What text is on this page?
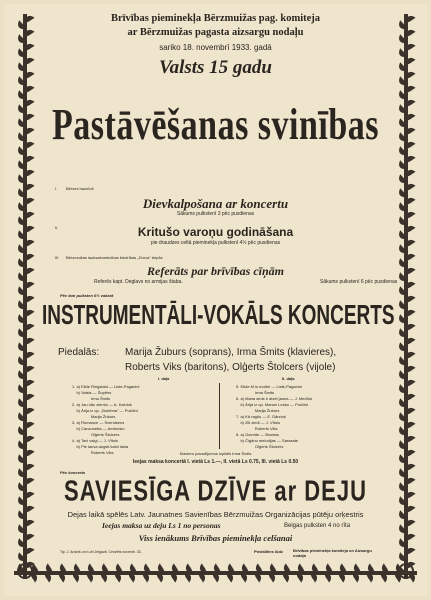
Brīvības pieminekļa Bērzmuižas pag. komiteja
ar Bērzmuižas pagasta aizsargu nodaļu
sariko 18. novembrī 1933. gadā
Valsts 15 gadu
Pastāvēšanas svinības
I. Bērzes baznīcā
Dievkalpošana ar koncertu
Sākums pulkstenī 3 pēc pusdienas
II.	Kritušo varoņu godināšana
pie draudzes celtā pieminekļa pulkstenī 4½ pēc pusdienas
III. Bērzmuižas lauksaimniecības biedrības „Druva" telpās
Referāts par brīvības cīņām
Referēs kapt. Deglavs no armijas štaba.	Sākums pulkstenī 6 pēc pusdienas
Pēc tam pulksten 6½ vakarā
INSTRUMENTĀLI-VOKĀLS KONCERTS
Piedalās:	Marija Žuburs (soprans), Irma Šmits (klavieres),
Roberts Viks (baritons), Olģerts Štolcers (vijole)
I. daļa	II. daļa
1. a) Elide Ringstaid — Liste-Paganini
b) Valsis — Šopēns
Irma Šmits
2. a) Jau nāc ziemiņ — A. Kalniņš
b) Ārija iz op. „Bohēma" — Puččini
Marija Žuburs
3. a) Romance — Svendsens
b) Canzonetta — Ambrosio
Olģerts Štolcers
4. a) Tavi vaigi — J. Vītols
b) Pie lauva augsti kalni laiņa
Roberts Viks
5. Etide M is moltre — Liste-Paganini
Irma Šmits
6. a) Mana sirds ir atzel jauna — J. Medīņš
b) Ārija iz op. Manon Lesko — Puččini
Marija Žuburs
7. a) Kā ragūs — E. Dārziņš
b) Zili ziedi — J. Vītols
Roberts Viks
8. a) Gavotte — Bramss
b) Čigānu melodijas — Sarasate
Olģerts Štolcers
Klavieru pavadījumus izpildīs Irma Šmits
Ieejas maksa koncertā I. vietā Ls 1.—, II. vietā Ls 0.75, III. vietā Ls 0.50
Pēc koncerta
SAVIESĪGA DZĪVE ar DEJU
Dejas laikā spēlēs Latv. Jaunatnes Savienības Bērzmuižas Organizācijas pūtēju orķestris
Ieejas maksa uz deju Ls 1 no personas	Beigas pulksten 4 no rīta
Viss ienākums Brīvības pieminekļa celšanai
Tip. J. Ansiņš un b-dri Jelgavā. Cenzēts novemb. 33.	Piedalīties lūdz	Brīvības pieminekļa komiteja un Aizsargu nodaļa
